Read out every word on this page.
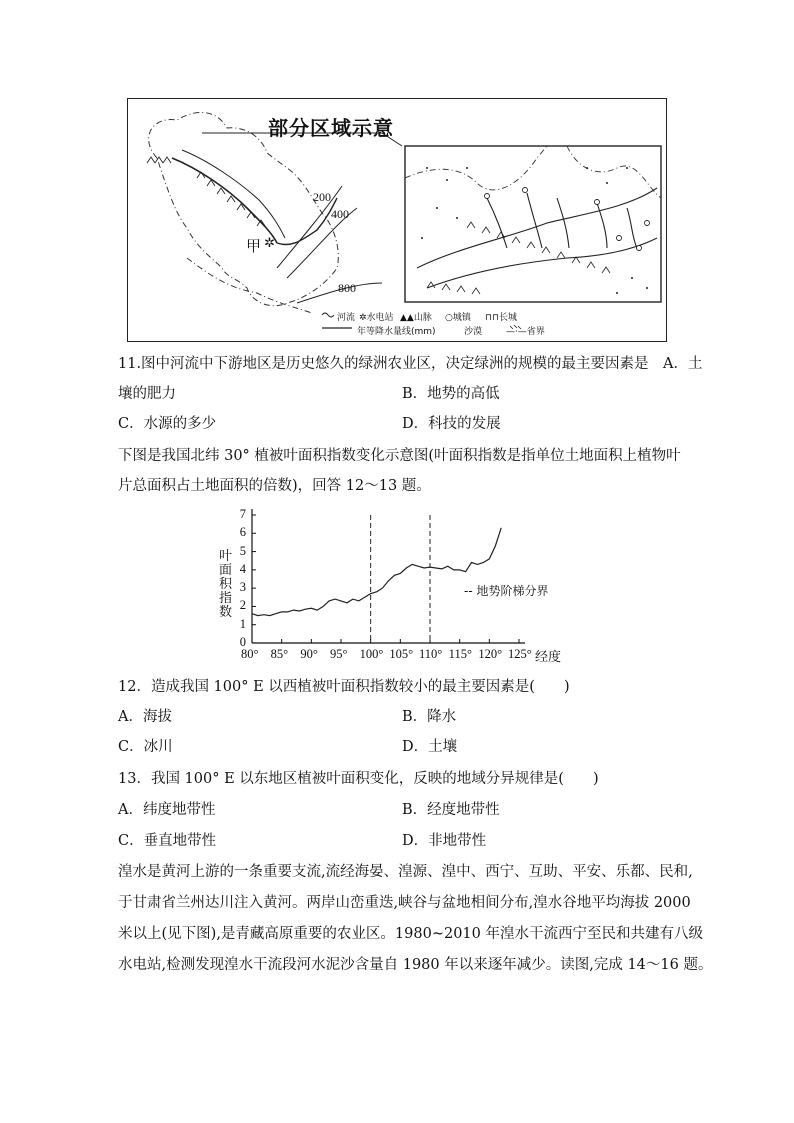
部分区域示意
200
400
800
甲 ✲
河流 ✲水电站 ▲▲山脉 ○城镇 ⊓⊓长城
年等降水量线(mm)	沙漠	—·—省界
11.图中河流中下游地区是历史悠久的绿洲农业区，决定绿洲的规模的最主要因素是　A．土
壤的肥力	B．地势的高低
C．水源的多少	D．科技的发展
下图是我国北纬 30° 植被叶面积指数变化示意图(叶面积指数是指单位土地面积上植物叶
片总面积占土地面积的倍数)，回答 12～13 题。
叶面积指数
0
1
2
3
4
5
6
7
80° 85° 90° 95° 100° 105° 110° 115° 120° 125° 经度
-- 地势阶梯分界
12．造成我国 100° E 以西植被叶面积指数较小的最主要因素是(　　)
A．海拔	B．降水
C．冰川	D．土壤
13．我国 100° E 以东地区植被叶面积变化，反映的地域分异规律是(　　)
A．纬度地带性	B．经度地带性
C．垂直地带性	D．非地带性
湟水是黄河上游的一条重要支流,流经海晏、湟源、湟中、西宁、互助、平安、乐都、民和,
于甘肃省兰州达川注入黄河。两岸山峦重迭,峡谷与盆地相间分布,湟水谷地平均海拔 2000
米以上(见下图),是青藏高原重要的农业区。1980~2010 年湟水干流西宁至民和共建有八级
水电站,检测发现湟水干流段河水泥沙含量自 1980 年以来逐年减少。读图,完成 14～16 题。
